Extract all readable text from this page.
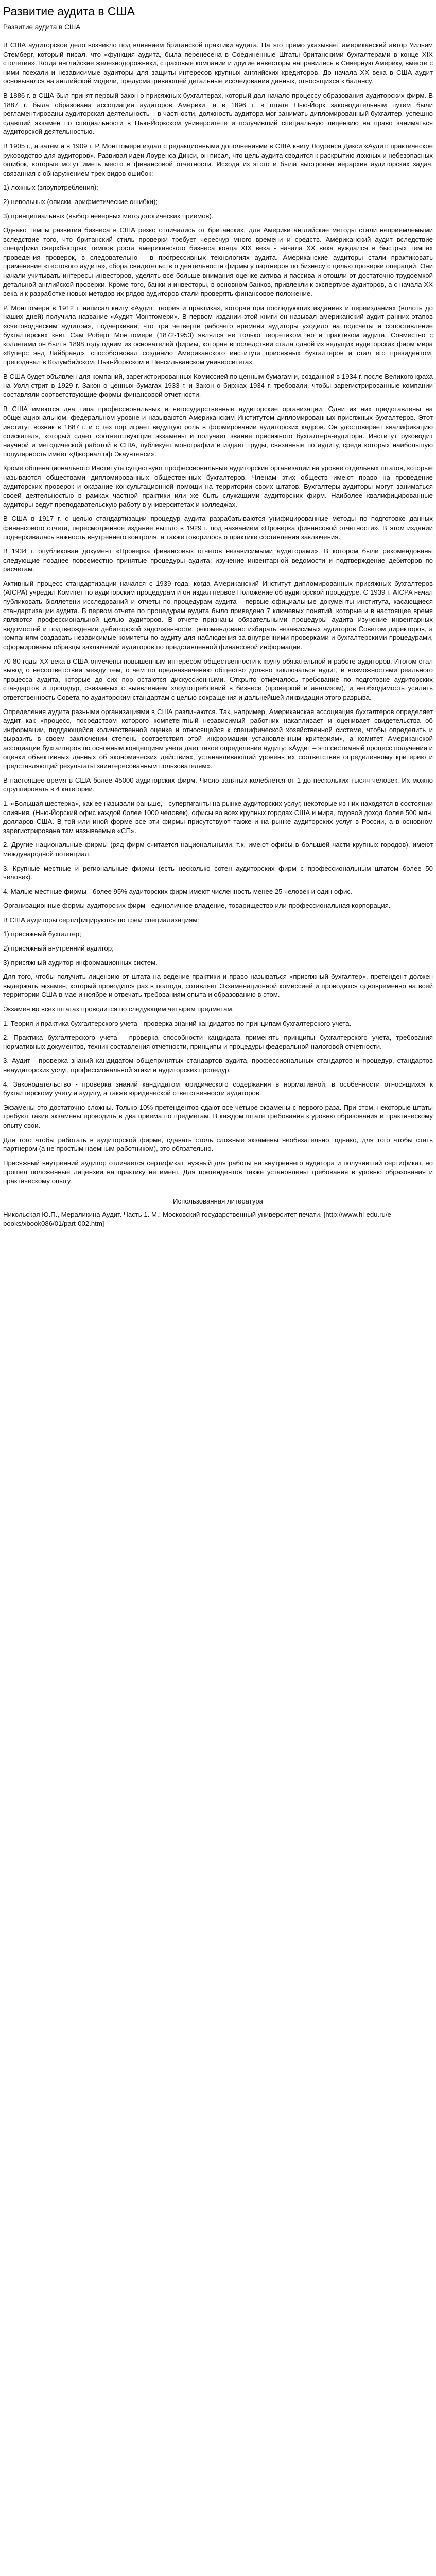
Развитие аудита в США
Развитие аудита в США

В США аудиторское дело возникло под влиянием британской практики аудита. На это прямо указывает американский автор Уильям Стемберг, который писал, что «функция аудита, была перенесена в Соединенные Штаты британскими бухгалтерами в конце XIX столетия». Когда английские железнодорожники, страховые компании и другие инвесторы направились в Северную Америку, вместе с ними поехали и независимые аудиторы для защиты интересов крупных английских кредиторов. До начала XX века в США аудит основывался на английской модели, предусматривающей детальные исследования данных, относящихся к балансу.

В 1886 г. в США был принят первый закон о присяжных бухгалтерах, который дал начало процессу образования аудиторских фирм. В 1887 г. была образована ассоциация аудиторов Америки, а в 1896 г. в штате Нью-Йорк законодательным путем были регламентированы аудиторская деятельность – в частности, должность аудитора мог занимать дипломированный бухгалтер, успешно сдавший экзамен по специальности в Нью-Йоркском университете и получивший специальную лицензию на право заниматься аудиторской деятельностью.

В 1905 г., а затем и в 1909 г. Р. Монтгомери издал с редакционными дополнениями в США книгу Лоуренса Дикси «Аудит: практическое руководство для аудиторов». Развивая идеи Лоуренса Дикси, он писал, что цель аудита сводится к раскрытию ложных и небезопасных ошибок, которые могут иметь место в финансовой отчетности. Исходя из этого и была выстроена иерархия аудиторских задач, связанная с обнаружением трех видов ошибок:

1) ложных (злоупотребления);

2) невольных (описки, арифметические ошибки);

3) принципиальных (выбор неверных методологических приемов).

Однако темпы развития бизнеса в США резко отличались от британских, для Америки английские методы стали неприемлемыми вследствие того, что британский стиль проверки требует чересчур много времени и средств. Американский аудит вследствие специфики сверхбыстрых темпов роста американского бизнеса конца XIX века - начала XX века нуждался в быстрых темпах проведения проверок, в следовательно - в прогрессивных технологиях аудита. Американские аудиторы стали практиковать применение «тестового аудита», сбора свидетельств о деятельности фирмы у партнеров по бизнесу с целью проверки операций. Они начали учитывать интересы инвесторов, уделять все больше внимания оценке актива и пассива и отошли от достаточно трудоемкой детальной английской проверки. Кроме того, банки и инвесторы, в основном банков, привлекли к экспертизе аудиторов, а с начала XX века и к разработке новых методов их рядов аудиторов стали проверять финансовое положение.

Р. Монтгомери в 1912 г. написал книгу «Аудит: теория и практика», которая при последующих изданиях и переизданиях (вплоть до наших дней) получила название «Аудит Монтгомери». В первом издании этой книги он называл американский аудит ранних этапов «счетоводческим аудитом», подчеркивая, что три четверти рабочего времени аудиторы уходило на подсчеты и сопоставление бухгалтерских книг. Сам Роберт Монтгомери (1872-1953) являлся не только теоретиком, но и практиком аудита. Совместно с коллегами он был в 1898 году одним из основателей фирмы, которая впоследствии стала одной из ведущих аудиторских фирм мира «Куперс энд Лайбранд», способствовал созданию Американского института присяжных бухгалтеров и стал его президентом, преподавал в Колумбийском, Нью-Йоркском и Пенсильванском университетах.

В США будет объявлен для компаний, зарегистрированных Комиссией по ценным бумагам и, созданной в 1934 г. после Великого краха на Уолл-стрит в 1929 г. Закон о ценных бумагах 1933 г. и Закон о биржах 1934 г. требовали, чтобы зарегистрированные компании составляли соответствующие формы финансовой отчетности.

В США имеются два типа профессиональных и негосударственные аудиторские организации. Одни из них представлены на общенациональном, федеральном уровне и называются Американским Институтом дипломированных присяжных бухгалтеров. Этот институт возник в 1887 г. и с тех пор играет ведущую роль в формировании аудиторских кадров. Он удостоверяет квалификацию соискателя, который сдает соответствующие экзамены и получает звание присяжного бухгалтера-аудитора. Институт руководит научной и методической работой в США, публикует монографии и издает труды, связанные по аудиту, среди которых наибольшую популярность имеет «Джорнал оф Экаунтенси».

Кроме общенационального Института существуют профессиональные аудиторские организации на уровне отдельных штатов, которые называются обществами дипломированных общественных бухгалтеров. Членам этих обществ имеют право на проведение аудиторских проверок и оказание консультационной помощи на территории своих штатов. Бухгалтеры-аудиторы могут заниматься своей деятельностью в рамках частной практики или же быть служащими аудиторских фирм. Наиболее квалифицированные аудиторы ведут преподавательскую работу в университетах и колледжах.

В США в 1917 г. с целью стандартизации процедур аудита разрабатываются унифицированные методы по подготовке данных финансового отчета, пересмотренное издание вышло в 1929 г. под названием «Проверка финансовой отчетности». В этом издании подчеркивалась важность внутреннего контроля, а также говорилось о практике составления заключения.

В 1934 г. опубликован документ «Проверка финансовых отчетов независимыми аудиторами». В котором были рекомендованы следующие позднее повсеместно принятые процедуры аудита: изучение инвентарной ведомости и подтверждение дебиторов по расчетам.

Активный процесс стандартизации начался с 1939 года, когда Американский Институт дипломированных присяжных бухгалтеров (AICPA) учредил Комитет по аудиторским процедурам и он издал первое Положение об аудиторской процедуре. С 1939 г. AICPA начал публиковать бюллетени исследований и отчеты по процедурам аудита - первые официальные документы института, касающиеся стандартизации аудита. В первом отчете по процедурам аудита было приведено 7 ключевых понятий, которые и в настоящее время являются профессиональной целью аудиторов. В отчете признаны обязательными процедуры аудита изучение инвентарных ведомостей и подтверждение дебиторской задолженности, рекомендовано избирать независимых аудиторов Советом директоров, а компаниям создавать независимые комитеты по аудиту для наблюдения за внутренними проверками и бухгалтерскими процедурами, сформированы образцы заключений аудиторов по представленной финансовой информации.

70-80-годы XX века в США отмечены повышенным интересом общественности к крупу обязательной и работе аудиторов. Итогом стал вывод о несоответствии между тем, о чем по предназначению общество должно заключаться аудит, и возможностями реального процесса аудита, которые до сих пор остаются дискуссионными. Открыто отмечалось требование по подготовке аудиторских стандартов и процедур, связанных с выявлением злоупотреблений в бизнесе (проверкой и анализом), и необходимость усилить ответственность Совета по аудиторским стандартам с целью сокращения и дальнейшей ликвидации этого разрыва.

Определения аудита разными организациями в США различаются. Так, например, Американская ассоциация бухгалтеров определяет аудит как «процесс, посредством которого компетентный независимый работник накапливает и оценивает свидетельства об информации, поддающейся количественной оценке и относящейся к специфической хозяйственной системе, чтобы определить и выразить в своем заключении степень соответствия этой информации установленным критериям», а комитет Американской ассоциации бухгалтеров по основным концепциям учета дает такое определение аудиту: «Аудит – это системный процесс получения и оценки объективных данных об экономических действиях, устанавливающий уровень их соответствия определенному критерию и представляющий результаты заинтересованным пользователям».

В настоящее время в США более 45000 аудиторских фирм. Число занятых колеблется от 1 до нескольких тысяч человек. Их можно сгруппировать в 4 категории.

1. «Большая шестерка», как ее называли раньше, - супергиганты на рынке аудиторских услуг, некоторые из них находятся в состоянии слияния. (Нью-Йорский офис каждой более 1000 человек), офисы во всех крупных городах США и мира, годовой доход более 500 млн. долларов США. В той или иной форме все эти фирмы присутствуют также и на рынке аудиторских услуг в России, а в основном зарегистрирована там называемые «СП».

2. Другие национальные фирмы (ряд фирм считается национальными, т.к. имеют офисы в большей части крупных городов), имеют международной потенциал.

3. Крупные местные и региональные фирмы (есть несколько сотен аудиторских фирм с профессиональным штатом более 50 человек).

4. Малые местные фирмы - более 95% аудиторских фирм имеют численность менее 25 человек и один офис.

Организационные формы аудиторских фирм - единоличное владение, товарищество или профессиональная корпорация.

В США аудиторы сертифицируются по трем специализациям:

1) присяжный бухгалтер;

2) присяжный внутренний аудитор;

3) присяжный аудитор информационных систем.

Для того, чтобы получить лицензию от штата на ведение практики и право называться «присяжный бухгалтер», претендент должен выдержать экзамен, который проводится раз в полгода, сотавляет Экзаменационной комиссией и проводится одновременно на всей территории США в мае и ноябре и отвечать требованиям опыта и образованию в этом.

Экзамен во всех штатах проводится по следующим четырем предметам.

1. Теория и практика бухгалтерского учета - проверка знаний кандидатов по принципам бухгалтерского учета.

2. Практика бухгалтерского учета - проверка способности кандидата применять принципы бухгалтерского учета, требования нормативных документов, техник составления отчетности, принципы и процедуры федеральной налоговой отчетности.

3. Аудит - проверка знаний кандидатом общепринятых стандартов аудита, профессиональных стандартов и процедур, стандартов неаудиторских услуг, профессиональной этики и аудиторских процедур.

4. Законодательство - проверка знаний кандидатом юридического содержания в нормативной, в особенности относящихся к бухгалтерскому учету и аудиту, а также юридической ответственности аудиторов.

Экзамены это достаточно сложны. Только 10% претендентов сдают все четыре экзамены с первого раза. При этом, некоторые штаты требуют такие экзамены проводить в два приема по предметам. В каждом штате требования к уровню образования и практическому опыту свои.

Для того чтобы работать в аудиторской фирме, сдавать столь сложные экзамены необязательно, однако, для того чтобы стать партнером (а не простым наемным работником), это обязательно.

Присяжный внутренний аудитор отличается сертификат, нужный для работы на внутреннего аудитора и получивший сертификат, но прошел положенные лицензии на практику не имеет. Для претендентов также установлены требования в уровню образования и практическому опыту.

Использованная литература

Никольская Ю.П., Мераликина Аудит. Часть 1. М.: Московский государственный университет печати. [http://www.hi-edu.ru/e-books/xbook086/01/part-002.htm]
